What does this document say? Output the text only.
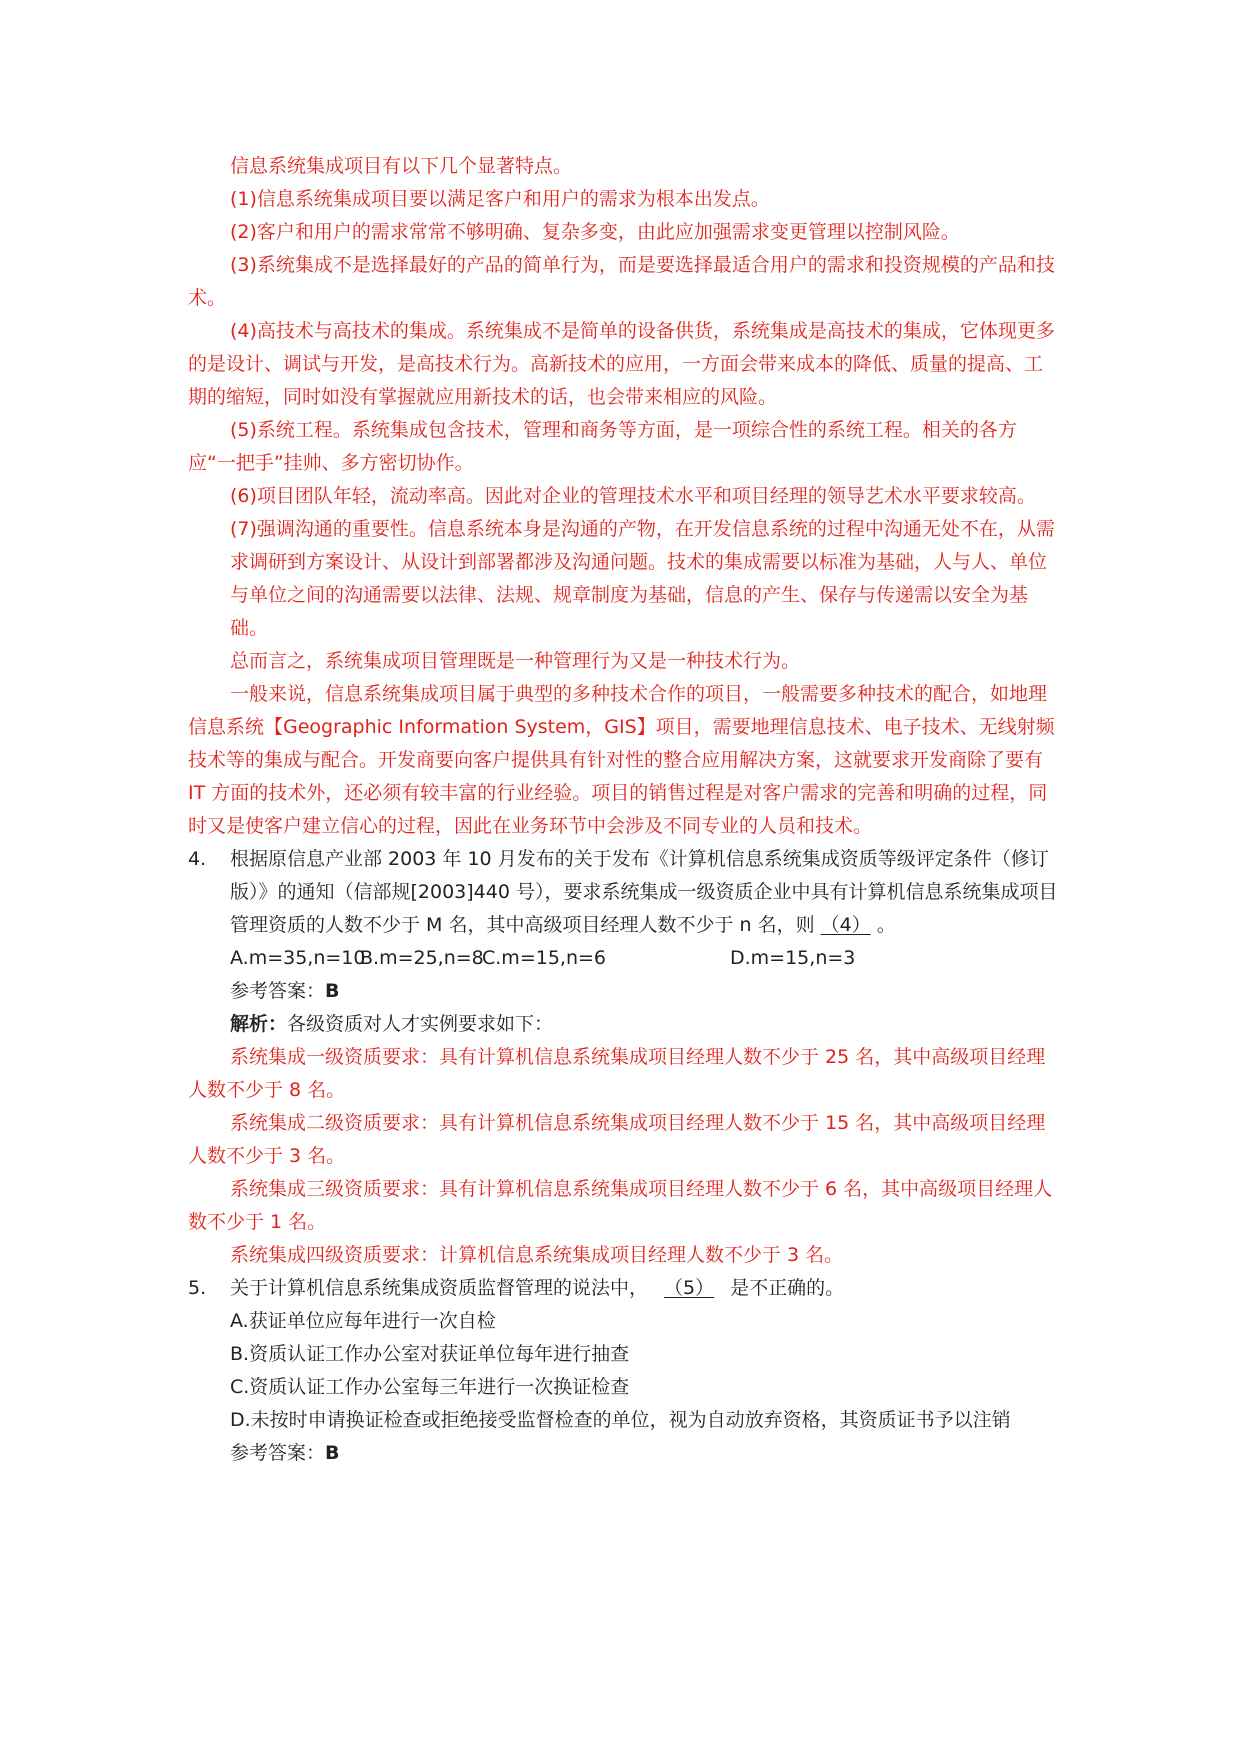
信息系统集成项目有以下几个显著特点。

(1)信息系统集成项目要以满足客户和用户的需求为根本出发点。

(2)客户和用户的需求常常不够明确、复杂多变，由此应加强需求变更管理以控制风险。

(3)系统集成不是选择最好的产品的简单行为，而是要选择最适合用户的需求和投资规模的产品和技术。

(4)高技术与高技术的集成。系统集成不是简单的设备供货，系统集成是高技术的集成，它体现更多的是设计、调试与开发，是高技术行为。高新技术的应用，一方面会带来成本的降低、质量的提高、工期的缩短，同时如没有掌握就应用新技术的话，也会带来相应的风险。

(5)系统工程。系统集成包含技术，管理和商务等方面，是一项综合性的系统工程。相关的各方应“一把手”挂帅、多方密切协作。

(6)项目团队年轻，流动率高。因此对企业的管理技术水平和项目经理的领导艺术水平要求较高。

(7)强调沟通的重要性。信息系统本身是沟通的产物，在开发信息系统的过程中沟通无处不在，从需求调研到方案设计、从设计到部署都涉及沟通问题。技术的集成需要以标准为基础，人与人、单位与单位之间的沟通需要以法律、法规、规章制度为基础，信息的产生、保存与传递需以安全为基础。

总而言之，系统集成项目管理既是一种管理行为又是一种技术行为。

一般来说，信息系统集成项目属于典型的多种技术合作的项目，一般需要多种技术的配合，如地理信息系统【Geographic Information System，GIS】项目，需要地理信息技术、电子技术、无线射频技术等的集成与配合。开发商要向客户提供具有针对性的整合应用解决方案，这就要求开发商除了要有 IT 方面的技术外，还必须有较丰富的行业经验。项目的销售过程是对客户需求的完善和明确的过程，同时又是使客户建立信心的过程，因此在业务环节中会涉及不同专业的人员和技术。

4. 根据原信息产业部 2003 年 10 月发布的关于发布《计算机信息系统集成资质等级评定条件（修订版）》的通知（信部规[2003]440 号），要求系统集成一级资质企业中具有计算机信息系统集成项目管理资质的人数不少于 M 名，其中高级项目经理人数不少于 n 名，则 （4） 。
A.m=35,n=10
B.m=25,n=8
C.m=15,n=6	D.m=15,n=3
参考答案：B
解析：各级资质对人才实例要求如下：

系统集成一级资质要求：具有计算机信息系统集成项目经理人数不少于 25 名，其中高级项目经理人数不少于 8 名。

系统集成二级资质要求：具有计算机信息系统集成项目经理人数不少于 15 名，其中高级项目经理人数不少于 3 名。

系统集成三级资质要求：具有计算机信息系统集成项目经理人数不少于 6 名，其中高级项目经理人数不少于 1 名。

系统集成四级资质要求：计算机信息系统集成项目经理人数不少于 3 名。

5. 关于计算机信息系统集成资质监督管理的说法中， （5） 是不正确的。

A.获证单位应每年进行一次自检

B.资质认证工作办公室对获证单位每年进行抽查

C.资质认证工作办公室每三年进行一次换证检查

D.未按时申请换证检查或拒绝接受监督检查的单位，视为自动放弃资格，其资质证书予以注销

参考答案：B
